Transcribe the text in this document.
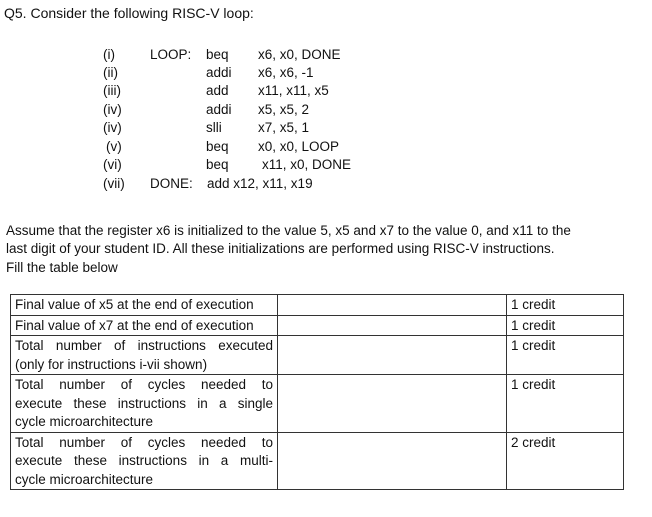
Q5. Consider the following RISC-V loop:
(i)	LOOP: beq x6, x0, DONE
(ii)	addi x6, x6, -1
(iii)	add x11, x11, x5
(iv)	addi x5, x5, 2
(iv)	slli	x7, x5, 1
(v)	beq x0, x0, LOOP
(vi)	beq x11, x0, DONE
(vii) DONE: add x12, x11, x19
Assume that the register x6 is initialized to the value 5, x5 and x7 to the value 0, and x11 to the
last digit of your student ID. All these initializations are performed using RISC-V instructions.
Fill the table below
Final value of x5 at the end of execution		1 credit

Final value of x7 at the end of execution		1 credit

Total number of instructions executed
(only for instructions i-vii shown)		1 credit

Total number of cycles needed to
execute these instructions in a single
cycle microarchitecture		1 credit

Total number of cycles needed to
execute these instructions in a multi-
cycle microarchitecture		2 credit
